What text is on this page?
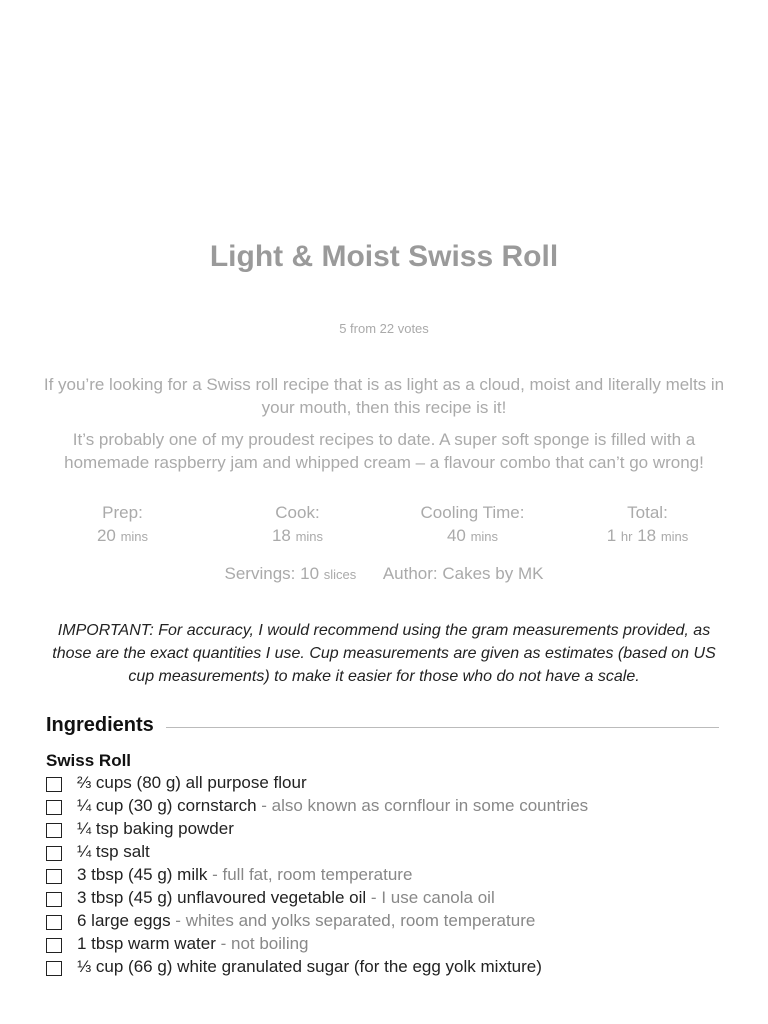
Light & Moist Swiss Roll
5 from 22 votes

If you’re looking for a Swiss roll recipe that is as light as a cloud, moist and literally melts in your mouth, then this recipe is it!

It’s probably one of my proudest recipes to date. A super soft sponge is filled with a homemade raspberry jam and whipped cream – a flavour combo that can’t go wrong!

Prep:
20 mins
Cook:
18 mins
Cooling Time:
40 mins
Total:
1 hr 18 mins
Servings: 10 slices Author: Cakes by MK

IMPORTANT: For accuracy, I would recommend using the gram measurements provided, as those are the exact quantities I use. Cup measurements are given as estimates (based on US cup measurements) to make it easier for those who do not have a scale.

Ingredients
Swiss Roll
⅔ cups (80 g) all purpose flour
¼ cup (30 g) cornstarch - also known as cornflour in some countries
¼ tsp baking powder
¼ tsp salt
3 tbsp (45 g) milk - full fat, room temperature
3 tbsp (45 g) unflavoured vegetable oil - I use canola oil
6 large eggs - whites and yolks separated, room temperature
1 tbsp warm water - not boiling
⅓ cup (66 g) white granulated sugar (for the egg yolk mixture)
